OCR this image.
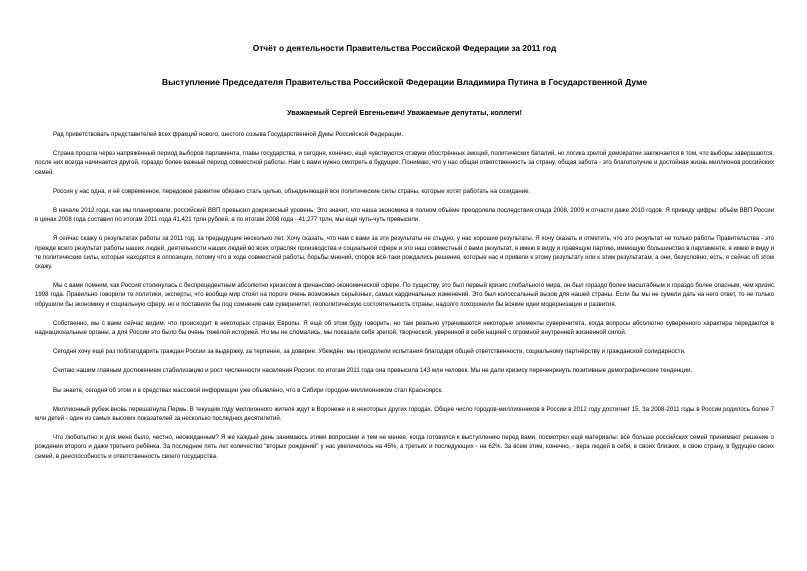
Отчёт о деятельности Правительства Российской Федерации за 2011 год
Выступление Председателя Правительства Российской Федерации Владимира Путина в Государственной Думе

Уважаемый Сергей Евгеньевич! Уважаемые депутаты, коллеги!

Рад приветствовать представителей всех фракций нового, шестого созыва Государственной Думы Российской Федерации.

Страна прошла через напряжённый период выборов парламента, главы государства, и сегодня, конечно, ещё чувствуются отзвуки обострённых эмоций, политических баталий, но логика зрелой демократии заключается в том, что выборы завершаются, после них всегда начинается другой, гораздо более важный период совместной работы. Нам с вами нужно смотреть в будущее. Понимаю, что у нас общая ответственность за страну, общая забота - это благополучие и достойная жизнь миллионов российских семей.

Россия у нас одна, и её современное, передовое развитие обязано стать целью, объединяющей все политические силы страны, которые хотят работать на созидание.

В начале 2012 года, как мы планировали, российский ВВП превысил докризисный уровень. Это значит, что наша экономика в полном объёме преодолела последствия спада 2008, 2009 и отчасти даже 2010 годов. Я приведу цифры: объём ВВП России в ценах 2008 года составил по итогам 2011 года 41,421 трлн рублей, а по итогам 2008 года - 41,277 трлн, мы ещё чуть-чуть превысили.

Я сейчас скажу о результатах работы за 2011 год, за предыдущие несколько лет. Хочу сказать, что нам с вами за эти результаты не стыдно, у нас хорошие результаты. Я хочу сказать и отметить, что это результат не только работы Правительства - это прежде всего результат работы наших людей, деятельности наших людей во всех отраслях производства и социальной сфере и это наш совместный с вами результат, я имею в виду и правящую партию, имеющую большинство в парламенте, я имею в виду и те политические силы, которые находятся в оппозиции, потому что в ходе совместной работы, борьбы мнений, споров всё-таки рождались решения, которые нас и привели к этому результату или к этим результатам, а они, безусловно, есть, я сейчас об этом скажу.

Мы с вами помним, как Россия столкнулась с беспрецедентным абсолютно кризисом в финансово-экономической сфере. По существу, это был первый кризис глобального мира, он был гораздо более масштабным и гораздо более опасным, чем кризис 1998 года. Правильно говорили те политики, эксперты, что вообще мир стоял на пороге очень возможных серьёзных, самых кардинальных изменений. Это был колоссальный вызов для нашей страны. Если бы мы не сумели дать на него ответ, то не только обрушили бы экономику и социальную сферу, но и поставили бы под сомнение сам суверенитет, геополитическую состоятельность страны, надолго похоронили бы всякие идеи модернизации и развития.

Собственно, мы с вами сейчас видим, что происходит в некоторых странах Европы. Я ещё об этом буду говорить, но там реально утрачиваются некоторые элементы суверенитета, когда вопросы абсолютно суверенного характера передаются в наднациональные органы, а для России это было бы очень тяжёлой историей. Но мы не сломались, мы показали себя зрелой, творческой, уверенной в себе нацией с огромной внутренней жизненной силой.

Сегодня хочу ещё раз поблагодарить граждан России за выдержку, за терпение, за доверие. Убеждён: мы преодолели испытания благодаря общей ответственности, социальному партнёрству и гражданской солидарности.

Считаю нашим главным достижением стабилизацию и рост численности населения России: по итогам 2011 года она превысила 143 млн человек. Мы не дали кризису переченркнуть позитивные демографические тенденции.

Вы знаете, сегодня об этом и в средствах массовой информации уже объявлено, что в Сибири городом-миллионником стал Красноярск.

Миллионный рубеж вновь перешагнула Пермь. В текущем году миллионного жителя ждут в Воронеже и в некоторых других городах. Общее число городов-миллионников в России в 2012 году достигнет 15. За 2008-2011 годы в России родилось более 7 млн детей - один из самых высоких показателей за несколько последних десятилетий.

Что любопытно и для меня было, честно, неожиданным? Я же каждый день занимаюсь этими вопросами и тем не менее, когда готовился к выступлению перед вами, посмотрел ещё материалы: всё больше российских семей принимают решение о рождении второго и даже третьего ребёнка. За последние пять лет количество "вторых рождений" у нас увеличилось на 45%, а третьих и последующих - на 62%. За всем этим, конечно, - вера людей в себя, в своих близких, в свою страну, в будущее своих семей, в дееспособность и ответственность своего государства.
